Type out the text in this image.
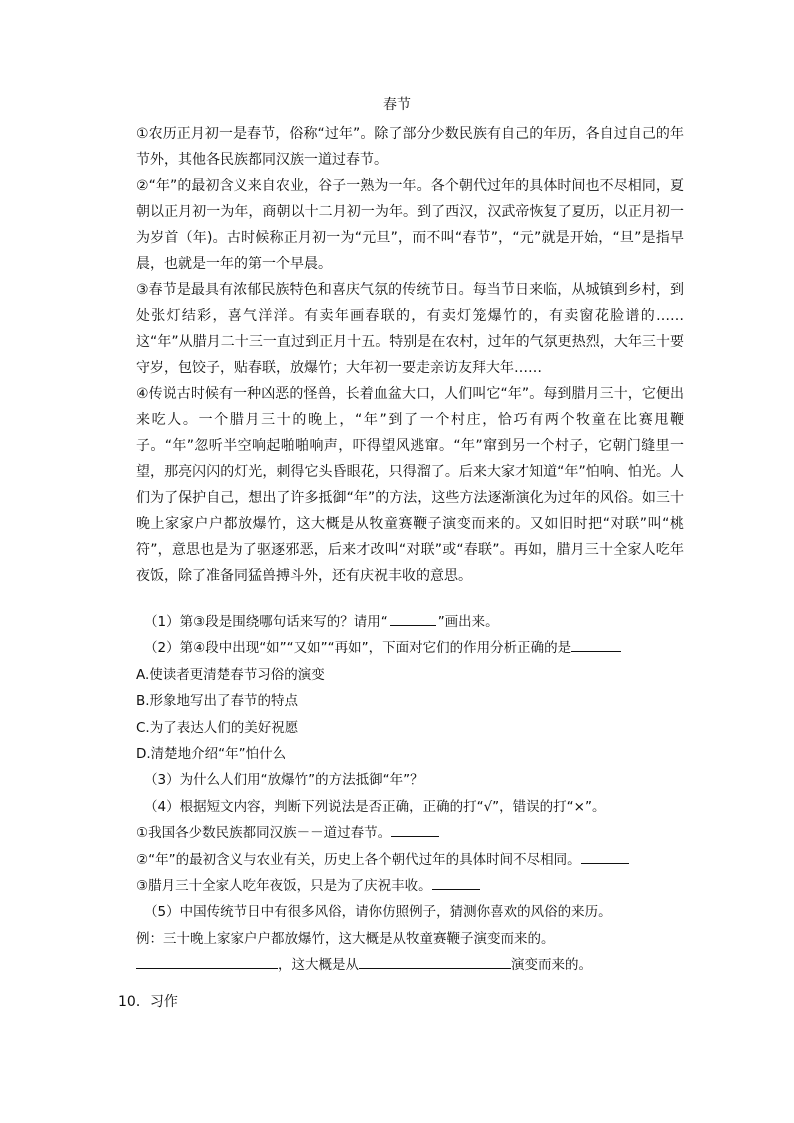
春节

①农历正月初一是春节，俗称“过年”。除了部分少数民族有自己的年历，各自过自己的年节外，其他各民族都同汉族一道过春节。

②“年”的最初含义来自农业，谷子一熟为一年。各个朝代过年的具体时间也不尽相同，夏朝以正月初一为年，商朝以十二月初一为年。到了西汉，汉武帝恢复了夏历，以正月初一为岁首（年)。古时候称正月初一为“元旦”，而不叫“春节”，“元”就是开始，“旦”是指早晨，也就是一年的第一个早晨。

③春节是最具有浓郁民族特色和喜庆气氛的传统节日。每当节日来临，从城镇到乡村，到处张灯结彩，喜气洋洋。有卖年画春联的，有卖灯笼爆竹的，有卖窗花脸谱的……这“年”从腊月二十三一直过到正月十五。特别是在农村，过年的气氛更热烈，大年三十要守岁，包饺子，贴春联，放爆竹；大年初一要走亲访友拜大年……

④传说古时候有一种凶恶的怪兽，长着血盆大口，人们叫它“年”。每到腊月三十，它便出来吃人。一个腊月三十的晚上，“年”到了一个村庄，恰巧有两个牧童在比赛甩鞭子。“年”忽听半空响起啪啪响声，吓得望风逃窜。“年”窜到另一个村子，它朝门缝里一望，那亮闪闪的灯光，刺得它头昏眼花，只得溜了。后来大家才知道“年”怕响、怕光。人们为了保护自己，想出了许多抵御“年”的方法，这些方法逐渐演化为过年的风俗。如三十晚上家家户户都放爆竹，这大概是从牧童赛鞭子演变而来的。又如旧时把“对联”叫“桃符”，意思也是为了驱逐邪恶，后来才改叫“对联”或“春联”。再如，腊月三十全家人吃年夜饭，除了准备同猛兽搏斗外，还有庆祝丰收的意思。

（1）第③段是围绕哪句话来写的？请用“	”画出来。

（2）第④段中出现“如”“又如”“再如”，下面对它们的作用分析正确的是

A.使读者更清楚春节习俗的演变

B.形象地写出了春节的特点

C.为了表达人们的美好祝愿

D.清楚地介绍“年”怕什么

（3）为什么人们用“放爆竹”的方法抵御“年”？

（4）根据短文内容，判断下列说法是否正确，正确的打“√”，错误的打“×”。

①我国各少数民族都同汉族－－道过春节。

②“年”的最初含义与农业有关，历史上各个朝代过年的具体时间不尽相同。

③腊月三十全家人吃年夜饭，只是为了庆祝丰收。

（5）中国传统节日中有很多风俗，请你仿照例子，猜测你喜欢的风俗的来历。

例：三十晚上家家户户都放爆竹，这大概是从牧童赛鞭子演变而来的。

，这大概是从	演变而来的。

10．习作
